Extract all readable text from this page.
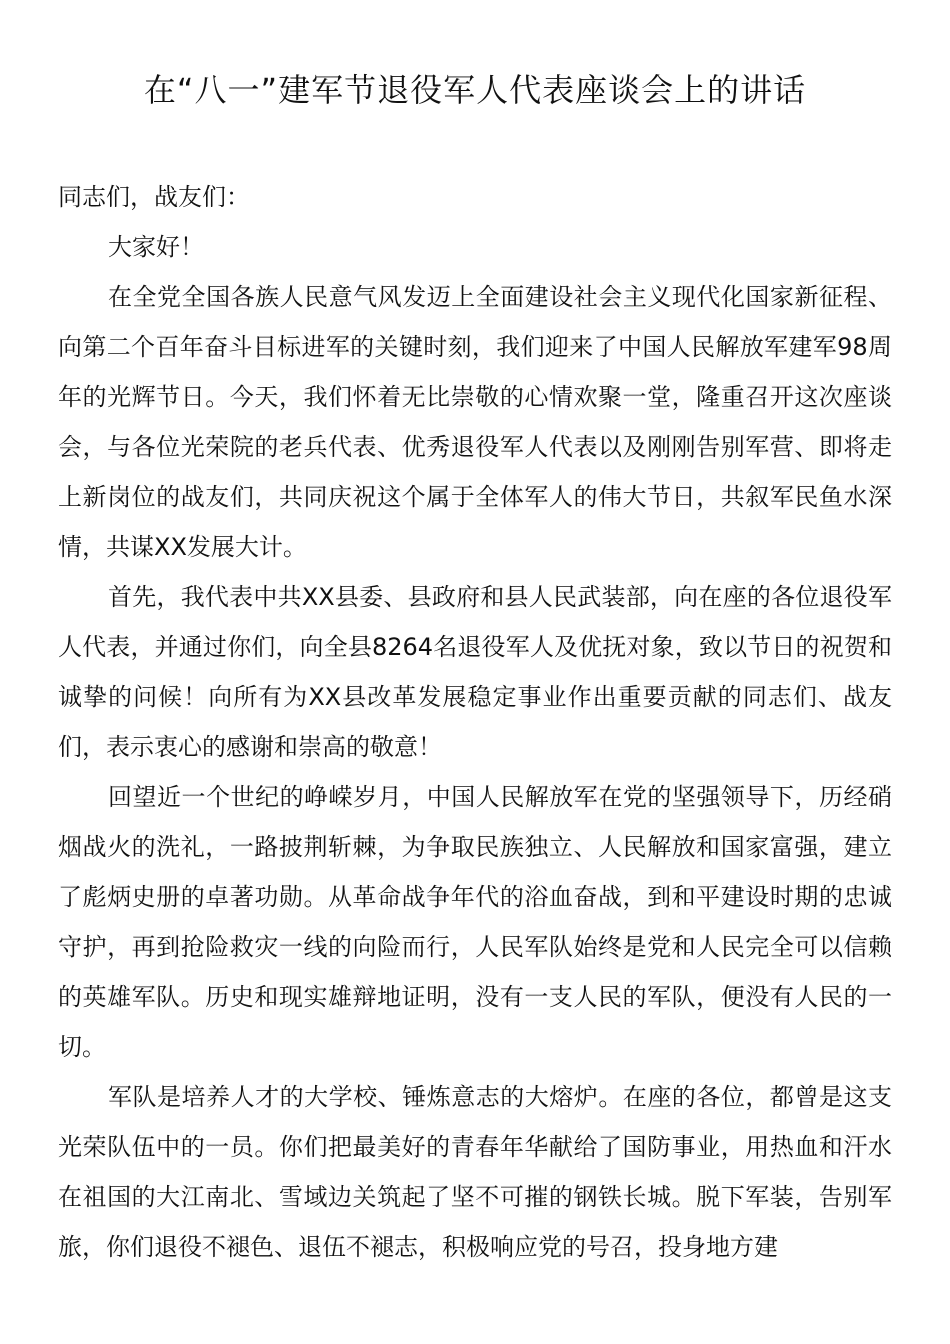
在“八一”建军节退役军人代表座谈会上的讲话

同志们，战友们：

大家好！

在全党全国各族人民意气风发迈上全面建设社会主义现代化国家新征程、向第二个百年奋斗目标进军的关键时刻，我们迎来了中国人民解放军建军98周年的光辉节日。今天，我们怀着无比崇敬的心情欢聚一堂，隆重召开这次座谈会，与各位光荣院的老兵代表、优秀退役军人代表以及刚刚告别军营、即将走上新岗位的战友们，共同庆祝这个属于全体军人的伟大节日，共叙军民鱼水深情，共谋XX发展大计。

首先，我代表中共XX县委、县政府和县人民武装部，向在座的各位退役军人代表，并通过你们，向全县8264名退役军人及优抚对象，致以节日的祝贺和诚挚的问候！向所有为XX县改革发展稳定事业作出重要贡献的同志们、战友们，表示衷心的感谢和崇高的敬意！

回望近一个世纪的峥嵘岁月，中国人民解放军在党的坚强领导下，历经硝烟战火的洗礼，一路披荆斩棘，为争取民族独立、人民解放和国家富强，建立了彪炳史册的卓著功勋。从革命战争年代的浴血奋战，到和平建设时期的忠诚守护，再到抢险救灾一线的向险而行，人民军队始终是党和人民完全可以信赖的英雄军队。历史和现实雄辩地证明，没有一支人民的军队，便没有人民的一切。

军队是培养人才的大学校、锤炼意志的大熔炉。在座的各位，都曾是这支光荣队伍中的一员。你们把最美好的青春年华献给了国防事业，用热血和汗水在祖国的大江南北、雪域边关筑起了坚不可摧的钢铁长城。脱下军装，告别军旅，你们退役不褪色、退伍不褪志，积极响应党的号召，投身地方建
